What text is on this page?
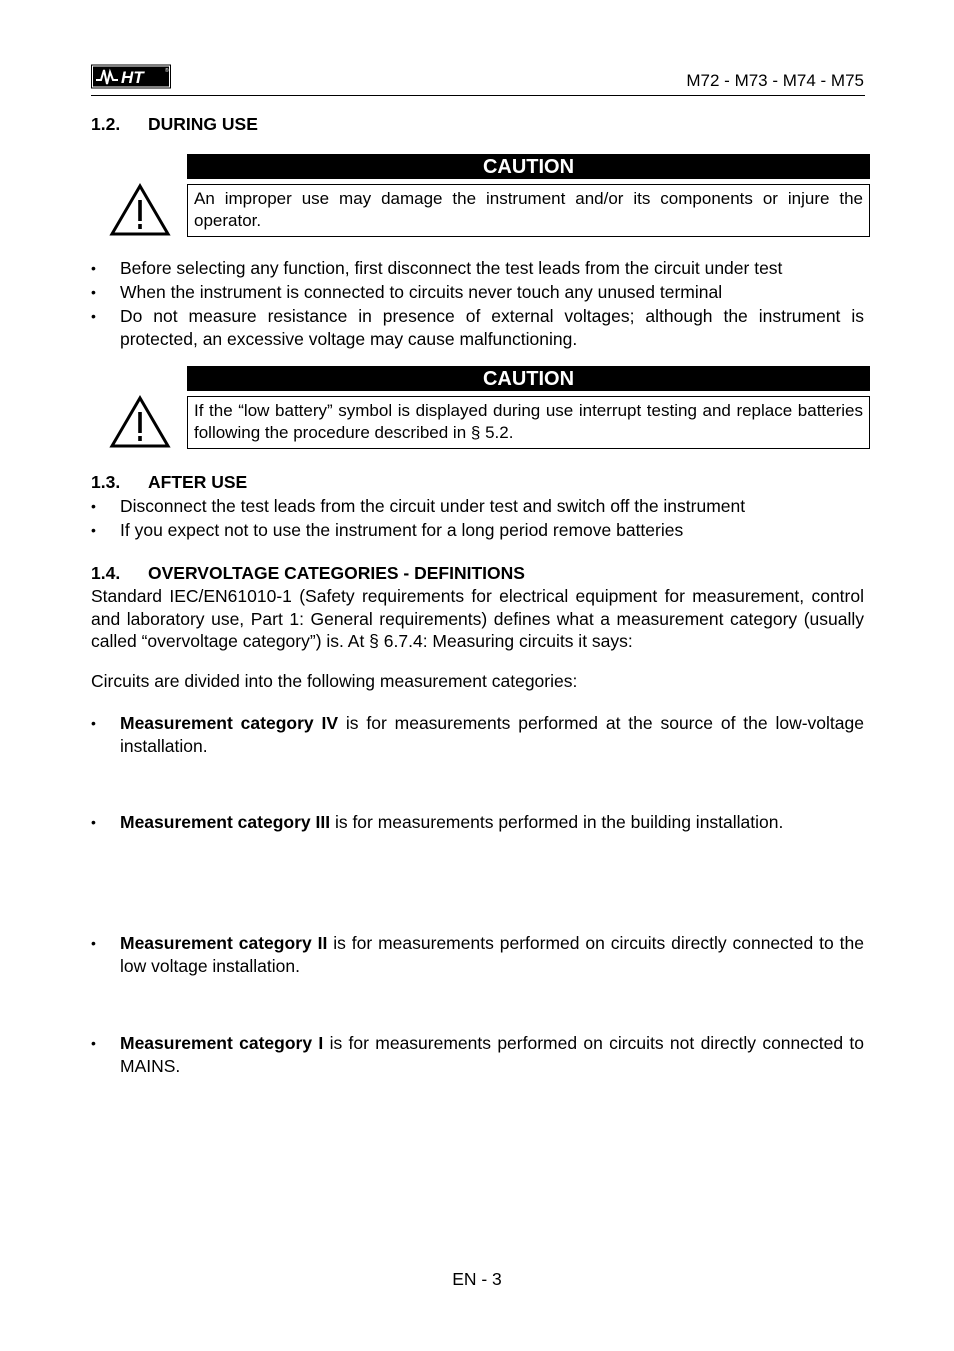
HT	®	M72 - M73 - M74 - M75
1.2. DURING USE
CAUTION
An improper use may damage the instrument and/or its components or injure the operator.
• Before selecting any function, first disconnect the test leads from the circuit under test
• When the instrument is connected to circuits never touch any unused terminal
• Do not measure resistance in presence of external voltages; although the instrument is protected, an excessive voltage may cause malfunctioning.
CAUTION
If the “low battery” symbol is displayed during use interrupt testing and replace batteries following the procedure described in § 5.2.
1.3. AFTER USE
• Disconnect the test leads from the circuit under test and switch off the instrument
• If you expect not to use the instrument for a long period remove batteries
1.4. OVERVOLTAGE CATEGORIES - DEFINITIONS
Standard IEC/EN61010-1 (Safety requirements for electrical equipment for measurement, control and laboratory use, Part 1: General requirements) defines what a measurement category (usually called “overvoltage category”) is. At § 6.7.4: Measuring circuits it says:
Circuits are divided into the following measurement categories:
• Measurement category IV is for measurements performed at the source of the low-voltage installation.
• Measurement category III is for measurements performed in the building installation.
• Measurement category II is for measurements performed on circuits directly connected to the low voltage installation.
• Measurement category I is for measurements performed on circuits not directly connected to MAINS.
EN - 3
